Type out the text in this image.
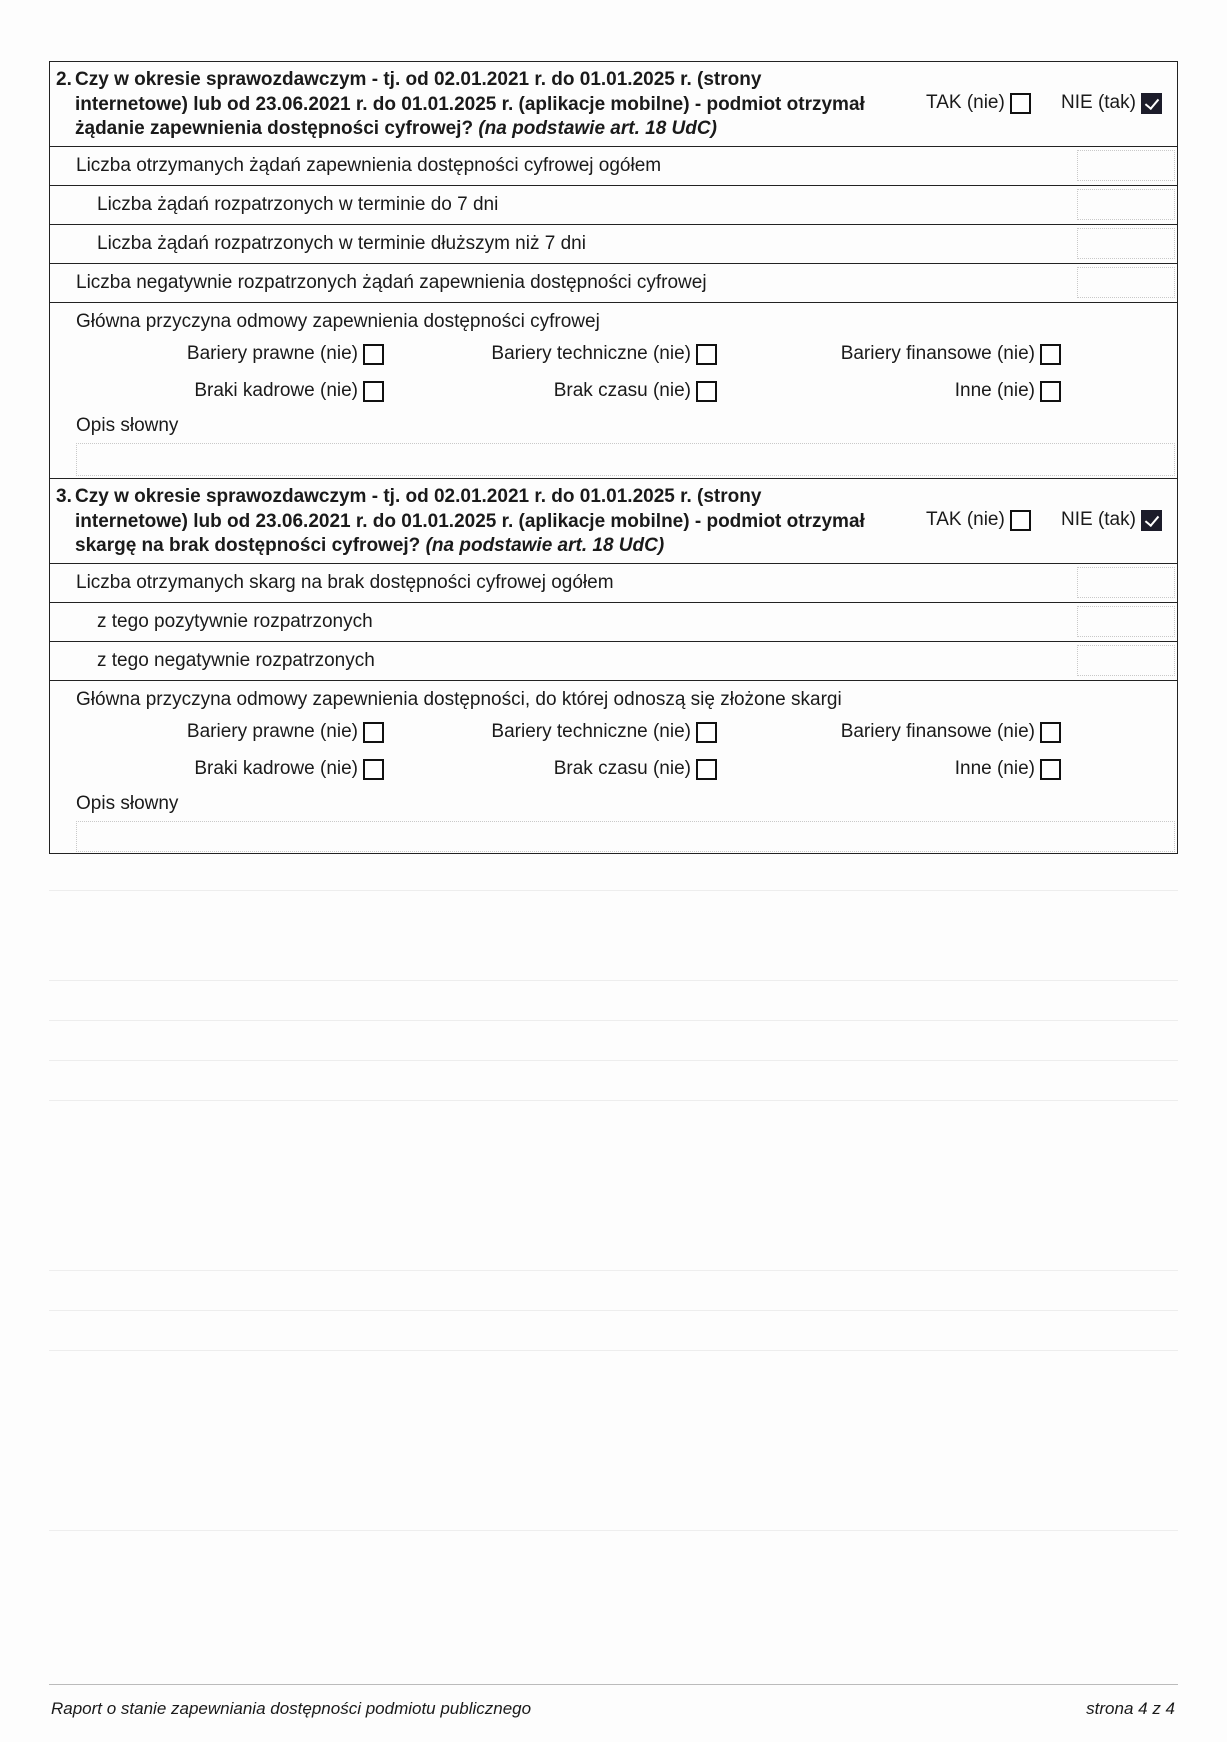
2. Czy w okresie sprawozdawczym - tj. od 02.01.2021 r. do 01.01.2025 r. (strony
internetowe) lub od 23.06.2021 r. do 01.01.2025 r. (aplikacje mobilne) - podmiot otrzymał
żądanie zapewnienia dostępności cyfrowej? (na podstawie art. 18 UdC)
TAK (nie)	NIE (tak)
Liczba otrzymanych żądań zapewnienia dostępności cyfrowej ogółem
Liczba żądań rozpatrzonych w terminie do 7 dni
Liczba żądań rozpatrzonych w terminie dłuższym niż 7 dni
Liczba negatywnie rozpatrzonych żądań zapewnienia dostępności cyfrowej
Główna przyczyna odmowy zapewnienia dostępności cyfrowej
Bariery prawne (nie)	Bariery techniczne (nie)	Bariery finansowe (nie)
Braki kadrowe (nie)	Brak czasu (nie)	Inne (nie)
Opis słowny
3. Czy w okresie sprawozdawczym - tj. od 02.01.2021 r. do 01.01.2025 r. (strony
internetowe) lub od 23.06.2021 r. do 01.01.2025 r. (aplikacje mobilne) - podmiot otrzymał
skargę na brak dostępności cyfrowej? (na podstawie art. 18 UdC)
TAK (nie)	NIE (tak)
Liczba otrzymanych skarg na brak dostępności cyfrowej ogółem
z tego pozytywnie rozpatrzonych
z tego negatywnie rozpatrzonych
Główna przyczyna odmowy zapewnienia dostępności, do której odnoszą się złożone skargi
Bariery prawne (nie)	Bariery techniczne (nie)	Bariery finansowe (nie)
Braki kadrowe (nie)	Brak czasu (nie)	Inne (nie)
Opis słowny
Raport o stanie zapewniania dostępności podmiotu publicznego	strona 4 z 4
